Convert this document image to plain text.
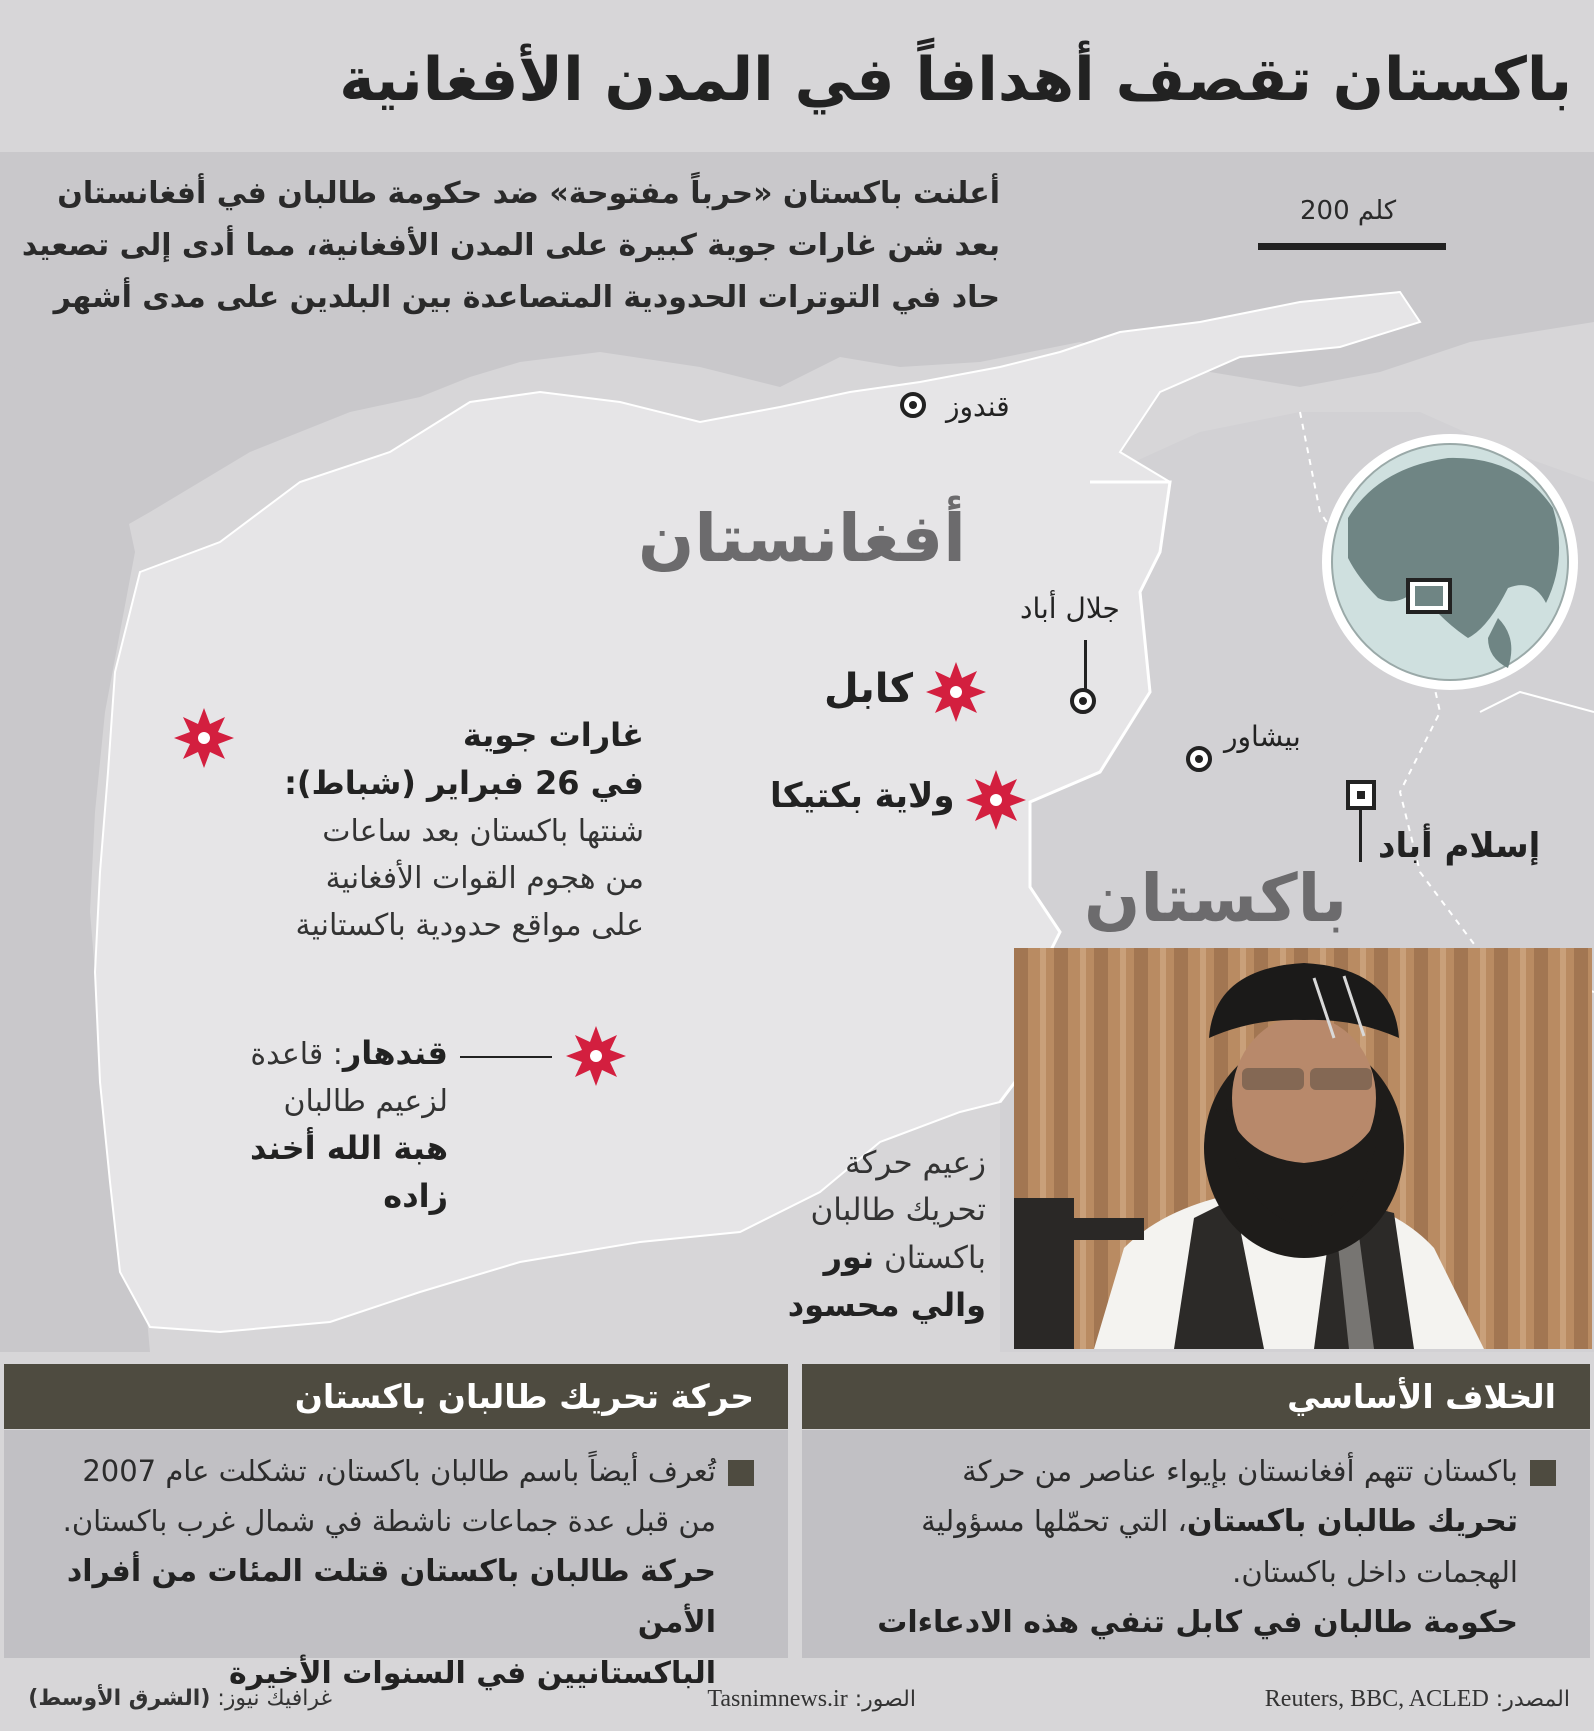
باكستان تقصف أهدافاً في المدن الأفغانية
أعلنت باكستان «حرباً مفتوحة» ضد حكومة طالبان في أفغانستان
بعد شن غارات جوية كبيرة على المدن الأفغانية، مما أدى إلى تصعيد
حاد في التوترات الحدودية المتصاعدة بين البلدين على مدى أشهر
200 كلم
قندوز
أفغانستان
جلال أباد
كابل
ولاية بكتيكا
بيشاور
إسلام أباد
باكستان
غارات جوية
في 26 فبراير (شباط):
شنتها باكستان بعد ساعات
من هجوم القوات الأفغانية
على مواقع حدودية باكستانية
قندهار: قاعدة
لزعيم طالبان
هبة الله أخند
زاده
زعيم حركة
تحريك طالبان
باكستان نور
والي محسود
الخلاف الأساسي
باكستان تتهم أفغانستان بإيواء عناصر من حركة
تحريك طالبان باكستان، التي تحمّلها مسؤولية
الهجمات داخل باكستان.
حكومة طالبان في كابل تنفي هذه الادعاءات
حركة تحريك طالبان باكستان
تُعرف أيضاً باسم طالبان باكستان، تشكلت عام 2007
من قبل عدة جماعات ناشطة في شمال غرب باكستان.
حركة طالبان باكستان قتلت المئات من أفراد الأمن
الباكستانيين في السنوات الأخيرة
المصدر: Reuters, BBC, ACLED
الصور: Tasnimnews.ir
غرافيك نيوز: (الشرق الأوسط)
